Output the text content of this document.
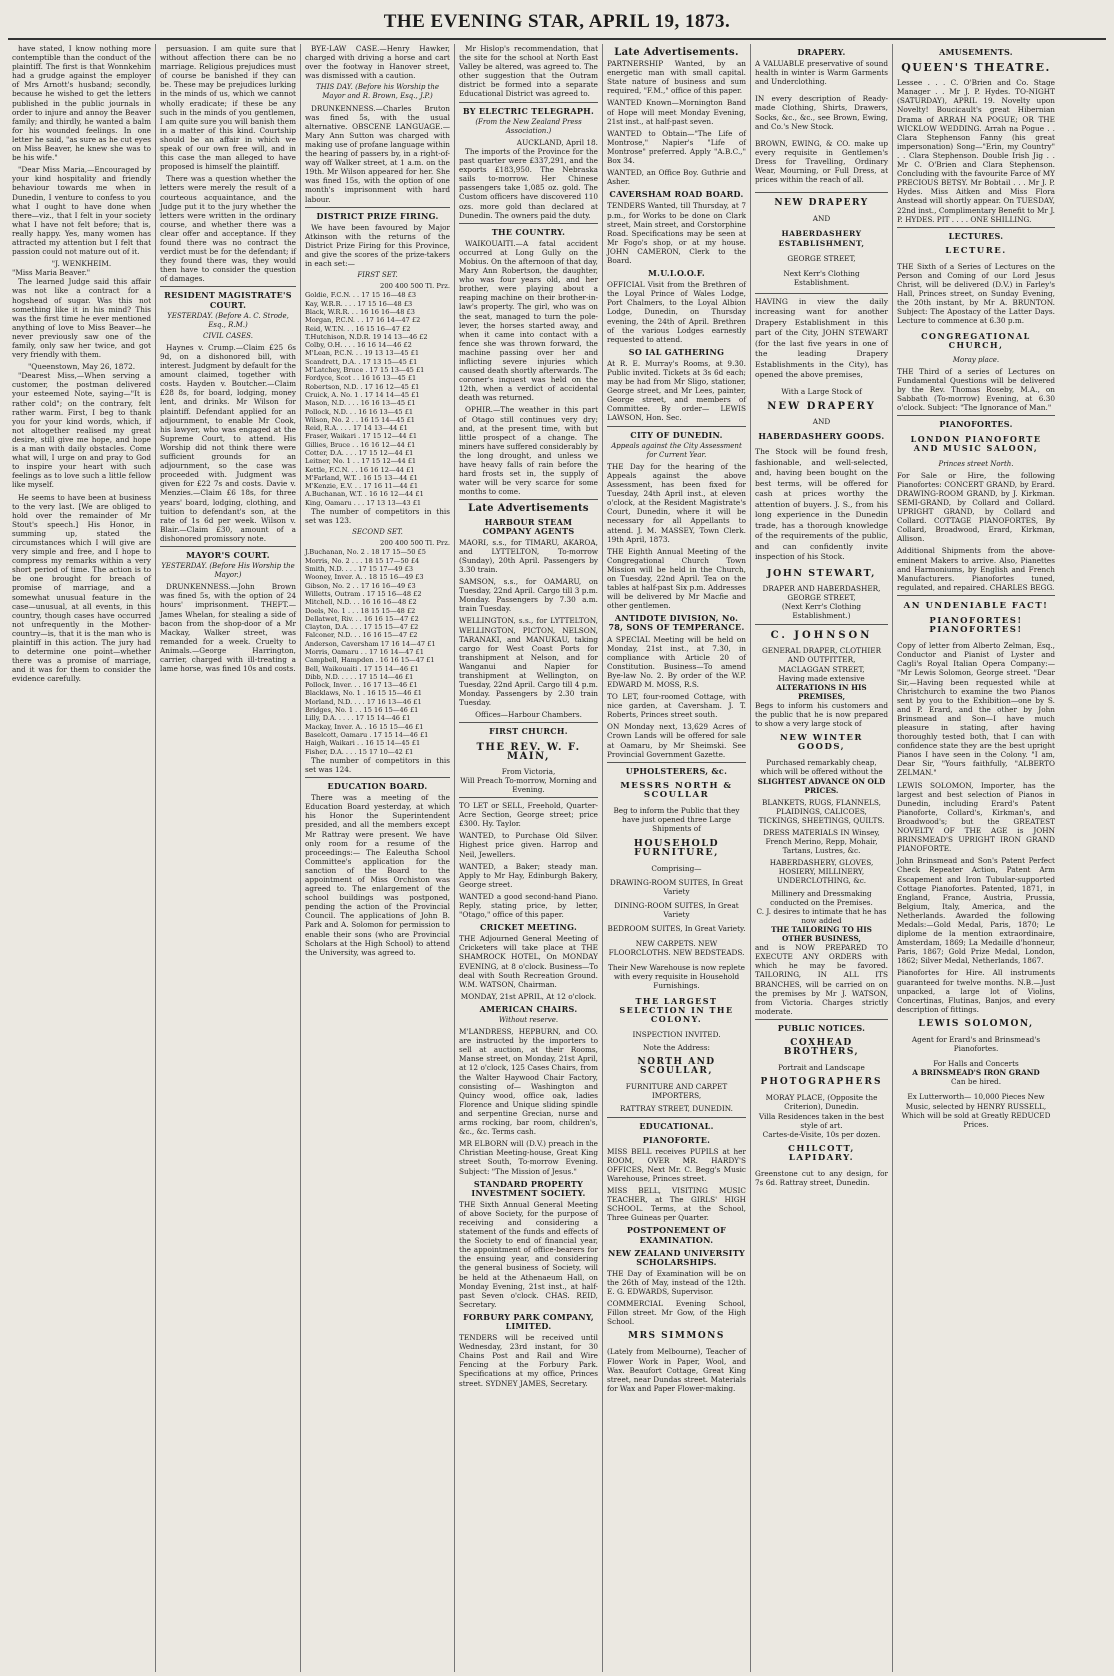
THE EVENING STAR, APRIL 19, 1873.

have stated, I know nothing more contemptible than the conduct of the plaintiff. The first is that Wonnkehim had a grudge against the employer of Mrs Arnott's husband; secondly, because he wished to get the letters published in the public journals in order to injure and annoy the Beaver family; and thirdly, he wanted a balm for his wounded feelings. In one letter he said, "as sure as he cut eyes on Miss Beaver, he knew she was to be his wife."

"Dear Miss Maria,—Encouraged by your kind hospitality and friendly behaviour towards me when in Dunedin, I venture to confess to you what I ought to have done when there—viz., that I felt in your society what I have not felt before; that is, really happy. Yes, many women has attracted my attention but I felt that passion could not mature out of it.

"J. WENKHEIM.
"Miss Maria Beaver."

The learned Judge said this affair was not like a contract for a hogshead of sugar. Was this not something like it in his mind? This was the first time he ever mentioned anything of love to Miss Beaver—he never previously saw one of the family, only saw her twice, and got very friendly with them.

"Queenstown, May 26, 1872.

"Dearest Miss,—When serving a customer, the postman delivered your esteemed Note, saying—"It is rather cold"; on the contrary, felt rather warm. First, I beg to thank you for your kind words, which, if not altogether realised my great desire, still give me hope, and hope is a man with daily obstacles. Come what will, I urge on and pray to God to inspire your heart with such feelings as to love such a little fellow like myself.

He seems to have been at business to the very last. [We are obliged to hold over the remainder of Mr Stout's speech.] His Honor, in summing up, stated the circumstances which I will give are very simple and free, and I hope to compress my remarks within a very short period of time. The action is to be one brought for breach of promise of marriage, and a somewhat unusual feature in the case—unusual, at all events, in this country, though cases have occurred not unfrequently in the Mother-country—is, that it is the man who is plaintiff in this action. The jury had to determine one point—whether there was a promise of marriage, and it was for them to consider the evidence carefully.

persuasion. I am quite sure that without affection there can be no marriage. Religious prejudices must of course be banished if they can be. These may be prejudices lurking in the minds of us, which we cannot wholly eradicate; if these be any such in the minds of you gentlemen, I am quite sure you will banish them in a matter of this kind. Courtship should be an affair in which we speak of our own free will, and in this case the man alleged to have proposed is himself the plaintiff.

There was a question whether the letters were merely the result of a courteous acquaintance, and the Judge put it to the jury whether the letters were written in the ordinary course, and whether there was a clear offer and acceptance. If they found there was no contract the verdict must be for the defendant; if they found there was, they would then have to consider the question of damages.

RESIDENT MAGISTRATE'S COURT.
YESTERDAY. (Before A. C. Strode, Esq., R.M.)
CIVIL CASES.

Haynes v. Crump.—Claim £25 6s 9d, on a dishonored bill, with interest. Judgment by default for the amount claimed, together with costs. Hayden v. Boutcher.—Claim £28 8s, for board, lodging, money lent, and drinks. Mr Wilson for plaintiff. Defendant applied for an adjournment, to enable Mr Cook, his lawyer, who was engaged at the Supreme Court, to attend. His Worship did not think there were sufficient grounds for an adjournment, so the case was proceeded with. Judgment was given for £22 7s and costs. Davie v. Menzies.—Claim £6 18s, for three years' board, lodging, clothing, and tuition to defendant's son, at the rate of 1s 6d per week. Wilson v. Blair.—Claim £30, amount of a dishonored promissory note.

MAYOR'S COURT.
YESTERDAY. (Before His Worship the Mayor.)

DRUNKENNESS.—John Brown was fined 5s, with the option of 24 hours' imprisonment. THEFT.—James Whelan, for stealing a side of bacon from the shop-door of a Mr Mackay, Walker street, was remanded for a week. Cruelty to Animals.—George Harrington, carrier, charged with ill-treating a lame horse, was fined 10s and costs.

BYE-LAW CASE.—Henry Hawker, charged with driving a horse and cart over the footway in Hanover street, was dismissed with a caution.

THIS DAY. (Before his Worship the Mayor and R. Brown, Esq., J.P.)

DRUNKENNESS.—Charles Bruton was fined 5s, with the usual alternative. OBSCENE LANGUAGE.—Mary Ann Sutton was charged with making use of profane language within the hearing of passers by, in a right-of-way off Walker street, at 1 a.m. on the 19th. Mr Wilson appeared for her. She was fined 15s, with the option of one month's imprisonment with hard labour.

DISTRICT PRIZE FIRING.

We have been favoured by Major Atkinson with the returns of the District Prize Firing for this Province, and give the scores of the prize-takers in each set:—

FIRST SET.
200 400 500 Tl. Prz.
Goldie, F.C.N. . . 17 15 16—48 £3
Kay, W.R.R. . . . 17 15 16—48 £3
Black, W.R.R. . . 16 16 16—48 £3
Morgan, P.C.N. . . 17 16 14—47 £2
Reid, W.T.N. . . 16 15 16—47 £2
T.Hutchison, N.D.R. 19 14 13—46 £2
Colby, O.H. . . . 16 16 14—46 £2
M'Lean, P.C.N. . . 19 13 13—45 £1
Scandrett, D.A. . 17 13 15—45 £1
M'Latchey, Bruce . 17 15 13—45 £1
Fordyce, Scot . . 16 16 13—45 £1
Robertson, N.D. . 17 16 12—45 £1
Cruick, A. No. 1 . 17 14 14—45 £1
Mason, N.D. . . . 16 16 13—45 £1
Pollock, N.D. . . 16 16 13—45 £1
Wilson, No. 2 . . 16 15 14—45 £1
Reid, R.A. . . . 17 14 13—44 £1
Fraser, Waikari . 17 15 12—44 £1
Gillies, Bruce . . 16 16 12—44 £1
Cotter, D.A. . . . 17 15 12—44 £1
Leitner, No. 1 . . 17 15 12—44 £1
Kettle, F.C.N. . . 16 16 12—44 £1
M'Farland, W.T. . 16 15 13—44 £1
M'Kenzie, E.V. . . 17 16 11—44 £1
A.Buchanan, W.T. . 16 16 12—44 £1
King, Oamaru . . . 17 13 13—43 £1

The number of competitors in this set was 123.

SECOND SET.
200 400 500 Tl. Prz.
J.Buchanan, No. 2 . 18 17 15—50 £5
Morris, No. 2 . . . 18 15 17—50 £4
Smith, N.D. . . . 17 15 17—49 £3
Wooney, Inver. A. . 18 15 16—49 £3
Gibson, No. 2 . . 17 16 16—49 £3
Willetts, Outram . 17 15 16—48 £2
Mitchell, N.D. . . 16 16 16—48 £2
Doels, No. 1 . . . 18 15 15—48 £2
Dellatwet, Riv. . . 16 16 15—47 £2
Clayton, D.A. . . . 17 15 15—47 £2
Falconer, N.D. . . 16 16 15—47 £2
Anderson, Caversham 17 16 14—47 £1
Morris, Oamaru . . 17 16 14—47 £1
Campbell, Hampden . 16 16 15—47 £1
Bell, Waikouaiti . 17 15 14—46 £1
Dibb, N.D. . . . . 17 15 14—46 £1
Pollock, Inver. . . 16 17 13—46 £1
Blacklaws, No. 1 . 16 15 15—46 £1
Morland, N.D. . . . 17 16 13—46 £1
Bridges, No. 1 . . 15 16 15—46 £1
Lilly, D.A. . . . . 17 15 14—46 £1
Mackay, Inver. A. . 16 15 15—46 £1
Baselcott, Oamaru . 17 15 14—46 £1
Haigh, Waikari . . 16 15 14—45 £1
Fisher, D.A. . . . 15 17 10—42 £1

The number of competitors in this set was 124.

EDUCATION BOARD.

There was a meeting of the Education Board yesterday, at which his Honor the Superintendent presided, and all the members except Mr Rattray were present. We have only room for a resume of the proceedings:— The Ealeutha School Committee's application for the sanction of the Board to the appointment of Miss Orchiston was agreed to. The enlargement of the school buildings was postponed, pending the action of the Provincial Council. The applications of John B. Park and A. Solomon for permission to enable their sons (who are Provincial Scholars at the High School) to attend the University, was agreed to.

Mr Hislop's recommendation, that the site for the school at North East Valley be altered, was agreed to. The other suggestion that the Outram district be formed into a separate Educational District was agreed to.

BY ELECTRIC TELEGRAPH.
(From the New Zealand Press Association.)
AUCKLAND, April 18.

The imports of the Province for the past quarter were £337,291, and the exports £183,950. The Nebraska sails to-morrow. Her Chinese passengers take 1,085 oz. gold. The Custom officers have discovered 110 ozs. more gold than declared at Dunedin. The owners paid the duty.

THE COUNTRY.

WAIKOUAITI.—A fatal accident occurred at Long Gully on the Mobius. On the afternoon of that day, Mary Ann Robertson, the daughter, who was four years old, and her brother, were playing about a reaping machine on their brother-in-law's property. The girl, who was on the seat, managed to turn the pole-lever, the horses started away, and when it came into contact with a fence she was thrown forward, the machine passing over her and inflicting severe injuries which caused death shortly afterwards. The coroner's inquest was held on the 12th, when a verdict of accidental death was returned.

OPHIR.—The weather in this part of Otago still continues very dry; and, at the present time, with but little prospect of a change. The miners have suffered considerably by the long drought, and unless we have heavy falls of rain before the hard frosts set in, the supply of water will be very scarce for some months to come.

Late Advertisements
HARBOUR STEAM COMPANY AGENTS
MAORI, s.s., for TIMARU, AKAROA, and LYTTELTON, To-morrow (Sunday), 20th April. Passengers by 3.30 train.
SAMSON, s.s., for OAMARU, on Tuesday, 22nd April. Cargo till 3 p.m. Monday. Passengers by 7.30 a.m. train Tuesday.
WELLINGTON, s.s., for LYTTELTON, WELLINGTON, PICTON, NELSON, TARANAKI, and MANUKAU, taking cargo for West Coast Ports for transhipment at Nelson, and for Wanganui and Napier for transhipment at Wellington, on Tuesday, 22nd April. Cargo till 4 p.m. Monday. Passengers by 2.30 train Tuesday.
Offices—Harbour Chambers.
FIRST CHURCH.
THE REV. W. F. MAIN,
From Victoria,
Will Preach To-morrow, Morning and Evening.
TO LET or SELL, Freehold, Quarter-Acre Section, George street; price £300. Hy. Taylor.
WANTED, to Purchase Old Silver. Highest price given. Harrop and Neil, Jewellers.
WANTED, a Baker; steady man. Apply to Mr Hay, Edinburgh Bakery, George street.
WANTED a good second-hand Piano. Reply, stating price, by letter, "Otago," office of this paper.
CRICKET MEETING.
THE Adjourned General Meeting of Cricketers will take place at THE SHAMROCK HOTEL, On MONDAY EVENING, at 8 o'clock. Business—To deal with South Recreation Ground. W.M. WATSON, Chairman.
MONDAY, 21st APRIL, At 12 o'clock.
AMERICAN CHAIRS.
Without reserve.
M'LANDRESS, HEPBURN, and CO. are instructed by the importers to sell at auction, at their Rooms, Manse street, on Monday, 21st April, at 12 o'clock, 125 Cases Chairs, from the Walter Haywood Chair Factory, consisting of— Washington and Quincy wood, office oak, ladies Florence and Unique sliding spindle and serpentine Grecian, nurse and arms rocking, bar room, children's, &c., &c. Terms cash.
MR ELBORN will (D.V.) preach in the Christian Meeting-house, Great King street South, To-morrow Evening. Subject: "The Mission of Jesus."
STANDARD PROPERTY INVESTMENT SOCIETY.
THE Sixth Annual General Meeting of above Society, for the purpose of receiving and considering a statement of the funds and effects of the Society to end of financial year, the appointment of office-bearers for the ensuing year, and considering the general business of Society, will be held at the Athenaeum Hall, on Monday Evening, 21st inst., at half-past Seven o'clock. CHAS. REID, Secretary.
FORBURY PARK COMPANY, LIMITED.
TENDERS will be received until Wednesday, 23rd instant, for 30 Chains Post and Rail and Wire Fencing at the Forbury Park. Specifications at my office, Princes street. SYDNEY JAMES, Secretary.
Late Advertisements.
PARTNERSHIP Wanted, by an energetic man with small capital. State nature of business and sum required, "F.M.," office of this paper.
WANTED Known—Mornington Band of Hope will meet Monday Evening, 21st inst., at half-past seven.
WANTED to Obtain—"The Life of Montrose," Napier's "Life of Montrose" preferred. Apply "A.B.C.," Box 34.
WANTED, an Office Boy. Guthrie and Asher.
CAVERSHAM ROAD BOARD.
TENDERS Wanted, till Thursday, at 7 p.m., for Works to be done on Clark street, Main street, and Corstorphine Road. Specifications may be seen at Mr Fogo's shop, or at my house. JOHN CAMERON, Clerk to the Board.
M.U.I.O.O.F.
OFFICIAL Visit from the Brethren of the Loyal Prince of Wales Lodge, Port Chalmers, to the Loyal Albion Lodge, Dunedin, on Thursday evening, the 24th of April. Brethren of the various Lodges earnestly requested to attend.
SO IAL GATHERING
At R. E. Murray's Rooms, at 9.30. Public invited. Tickets at 3s 6d each; may be had from Mr Sligo, stationer, George street, and Mr Lees, painter, George street, and members of Committee. By order— LEWIS LAWSON, Hon. Sec.
CITY OF DUNEDIN.
Appeals against the City Assessment for Current Year.
THE Day for the hearing of the Appeals against the above Assessment, has been fixed for Tuesday, 24th April inst., at eleven o'clock, at the Resident Magistrate's Court, Dunedin, where it will be necessary for all Appellants to attend. J. M. MASSEY, Town Clerk. 19th April, 1873.
THE Eighth Annual Meeting of the Congregational Church Town Mission will be held in the Church, on Tuesday, 22nd April. Tea on the tables at half-past Six p.m. Addresses will be delivered by Mr Macfie and other gentlemen.
ANTIDOTE DIVISION, No. 78, SONS OF TEMPERANCE.
A SPECIAL Meeting will be held on Monday, 21st inst., at 7.30, in compliance with Article 20 of Constitution. Business—To amend Bye-law No. 2. By order of the W.P. EDWARD M. MOSS, R.S.
TO LET, four-roomed Cottage, with nice garden, at Caversham. J. T. Roberts, Princes street south.
ON Monday next, 13,629 Acres of Crown Lands will be offered for sale at Oamaru, by Mr Sheimski. See Provincial Government Gazette.
UPHOLSTERERS, &c.
MESSRS NORTH & SCOULLAR
Beg to inform the Public that they have just opened three Large Shipments of
HOUSEHOLD FURNITURE,
Comprising—
DRAWING-ROOM SUITES, In Great Variety
DINING-ROOM SUITES, In Great Variety
BEDROOM SUITES, In Great Variety.
NEW CARPETS. NEW FLOORCLOTHS. NEW BEDSTEADS.
Their New Warehouse is now replete with every requisite in Household Furnishings.
THE LARGEST SELECTION IN THE COLONY.
INSPECTION INVITED.
Note the Address:
NORTH AND SCOULLAR,
FURNITURE AND CARPET IMPORTERS,
RATTRAY STREET, DUNEDIN.
EDUCATIONAL.
PIANOFORTE.
MISS BELL receives PUPILS at her ROOM, OVER MR. HARDY'S OFFICES, Next Mr. C. Begg's Music Warehouse, Princes street.
MISS BELL, VISITING MUSIC TEACHER, at The GIRLS' HIGH SCHOOL. Terms, at the School, Three Guineas per Quarter.
POSTPONEMENT OF EXAMINATION.
NEW ZEALAND UNIVERSITY SCHOLARSHIPS.
THE Day of Examination will be on the 26th of May, instead of the 12th. E. G. EDWARDS, Supervisor.
COMMERCIAL Evening School, Fillon street. Mr Gow, of the High School.
MRS SIMMONS
(Lately from Melbourne), Teacher of Flower Work in Paper, Wool, and Wax. Beaufort Cottage, Great King street, near Dundas street. Materials for Wax and Paper Flower-making.
DRAPERY.
A VALUABLE preservative of sound health in winter is Warm Garments and Underclothing.
IN every description of Ready-made Clothing, Shirts, Drawers, Socks, &c., &c., see Brown, Ewing, and Co.'s New Stock.
BROWN, EWING, & CO. make up every requisite in Gentlemen's Dress for Travelling, Ordinary Wear, Mourning, or Full Dress, at prices within the reach of all.
NEW DRAPERY
AND
HABERDASHERY ESTABLISHMENT,
GEORGE STREET,
Next Kerr's Clothing Establishment.
HAVING in view the daily increasing want for another Drapery Establishment in this part of the City, JOHN STEWART (for the last five years in one of the leading Drapery Establishments in the City), has opened the above premises,
With a Large Stock of
NEW DRAPERY
AND
HABERDASHERY GOODS.
The Stock will be found fresh, fashionable, and well-selected, and, having been bought on the best terms, will be offered for cash at prices worthy the attention of buyers. J. S., from his long experience in the Dunedin trade, has a thorough knowledge of the requirements of the public, and can confidently invite inspection of his Stock.
JOHN STEWART,
DRAPER AND HABERDASHER,
GEORGE STREET,
(Next Kerr's Clothing Establishment.)
C. JOHNSON
GENERAL DRAPER, CLOTHIER AND OUTFITTER,
MACLAGGAN STREET,
Having made extensive
ALTERATIONS IN HIS PREMISES,
Begs to inform his customers and the public that he is now prepared to show a very large stock of
NEW WINTER GOODS,
Purchased remarkably cheap, which will be offered without the
SLIGHTEST ADVANCE ON OLD PRICES.
BLANKETS, RUGS, FLANNELS, PLAIDINGS, CALICOES, TICKINGS, SHEETINGS, QUILTS.
DRESS MATERIALS IN Winsey, French Merino, Repp, Mohair, Tartans, Lustres, &c.
HABERDASHERY, GLOVES, HOSIERY, MILLINERY, UNDERCLOTHING, &c.
Millinery and Dressmaking conducted on the Premises.
C. J. desires to intimate that he has now added
THE TAILORING TO HIS OTHER BUSINESS,
and is NOW PREPARED TO EXECUTE ANY ORDERS with which he may be favored. TAILORING, IN ALL ITS BRANCHES, will be carried on on the premises by Mr J. WATSON, from Victoria. Charges strictly moderate.
PUBLIC NOTICES.
COXHEAD BROTHERS,
Portrait and Landscape
PHOTOGRAPHERS
MORAY PLACE, (Opposite the Criterion), Dunedin.
Villa Residences taken in the best style of art.
Cartes-de-Visite, 10s per dozen.
CHILCOTT, LAPIDARY.
Greenstone cut to any design, for 7s 6d. Rattray street, Dunedin.
AMUSEMENTS.
QUEEN'S THEATRE.
Lessee . . . C. O'Brien and Co. Stage Manager . . Mr J. P. Hydes. TO-NIGHT (SATURDAY), APRIL 19. Novelty upon Novelty! Boucicault's great Hibernian Drama of ARRAH NA POGUE; OR THE WICKLOW WEDDING. Arrah na Pogue . . Clara Stephenson Fanny (his great impersonation) Song—"Erin, my Country" . . Clara Stephenson. Double Irish Jig . . Mr C. O'Brien and Clara Stephenson. Concluding with the favourite Farce of MY PRECIOUS BETSY. Mr Bobtail . . . Mr J. P. Hydes. Miss Aitken and Miss Flora Anstead will shortly appear. On TUESDAY, 22nd inst., Complimentary Benefit to Mr J. P. HYDES. PIT . . . . ONE SHILLING.
LECTURES.
LECTURE.
THE Sixth of a Series of Lectures on the Person and Coming of our Lord Jesus Christ, will be delivered (D.V.) in Farley's Hall, Princes street, on Sunday Evening, the 20th instant, by Mr A. BRUNTON. Subject: The Apostacy of the Latter Days. Lecture to commence at 6.30 p.m.
CONGREGATIONAL CHURCH,
Moray place.
THE Third of a series of Lectures on Fundamental Questions will be delivered by the Rev. Thomas Roseby, M.A., on Sabbath (To-morrow) Evening, at 6.30 o'clock. Subject: "The Ignorance of Man."
PIANOFORTES.
LONDON PIANOFORTE AND MUSIC SALOON,
Princes street North.
For Sale or Hire, the following Pianofortes: CONCERT GRAND, by Erard. DRAWING-ROOM GRAND, by J. Kirkman. SEMI-GRAND, by Collard and Collard. UPRIGHT GRAND, by Collard and Collard. COTTAGE PIANOFORTES, By Collard, Broadwood, Erard, Kirkman, Allison.
Additional Shipments from the above-eminent Makers to arrive. Also, Pianettes and Harmoniums, by English and French Manufacturers. Pianofortes tuned, regulated, and repaired. CHARLES BEGG.
AN UNDENIABLE FACT!
PIANOFORTES! PIANOFORTES!
Copy of letter from Alberto Zelman, Esq., Conductor and Pianist of Lyster and Cagli's Royal Italian Opera Company:— "Mr Lewis Solomon, George street. "Dear Sir,—Having been requested while at Christchurch to examine the two Pianos sent by you to the Exhibition—one by S. and P. Erard, and the other by John Brinsmead and Son—I have much pleasure in stating, after having thoroughly tested both, that I can with confidence state they are the best upright Pianos I have seen in the Colony. "I am, Dear Sir, "Yours faithfully, "ALBERTO ZELMAN."
LEWIS SOLOMON, Importer, has the largest and best selection of Pianos in Dunedin, including Erard's Patent Pianoforte, Collard's, Kirkman's, and Broadwood's; but the GREATEST NOVELTY OF THE AGE is JOHN BRINSMEAD'S UPRIGHT IRON GRAND PIANOFORTE.
John Brinsmead and Son's Patent Perfect Check Repeater Action, Patent Arm Escapement and Iron Tubular-supported Cottage Pianofortes. Patented, 1871, in England, France, Austria, Prussia, Belgium, Italy, America, and the Netherlands. Awarded the following Medals:—Gold Medal, Paris, 1870; Le diplome de la mention extraordinaire, Amsterdam, 1869; La Medaille d'honneur, Paris, 1867; Gold Prize Medal, London, 1862; Silver Medal, Netherlands, 1867.
Pianofortes for Hire. All instruments guaranteed for twelve months. N.B.—Just unpacked, a large lot of Violins, Concertinas, Flutinas, Banjos, and every description of fittings.
LEWIS SOLOMON,
Agent for Erard's and Brinsmead's Pianofortes.
For Halls and Concerts
A BRINSMEAD'S IRON GRAND
Can be hired.
Ex Lutterworth— 10,000 Pieces New Music, selected by HENRY RUSSELL, Which will be sold at Greatly REDUCED Prices.
